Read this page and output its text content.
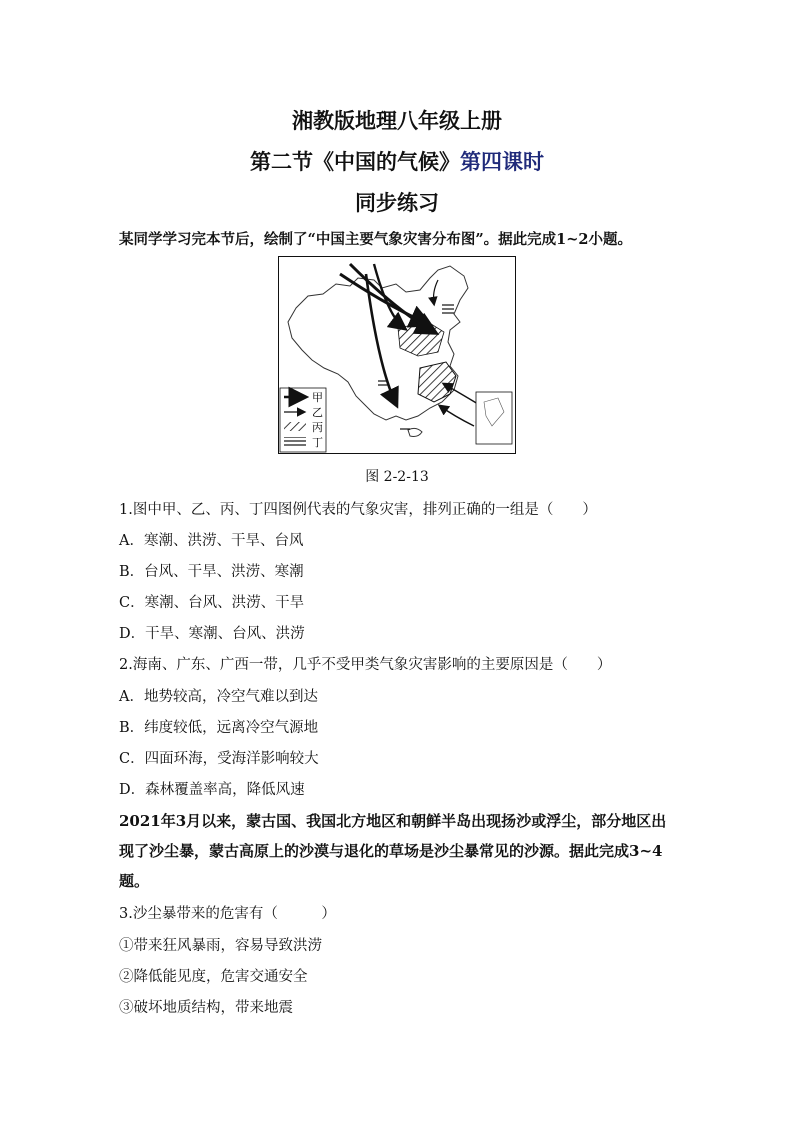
湘教版地理八年级上册
第二节《中国的气候》第四课时
同步练习
某同学学习完本节后，绘制了“中国主要气象灾害分布图”。据此完成1~2小题。
甲
乙
丙
丁
图 2-2-13
1.图中甲、乙、丙、丁四图例代表的气象灾害，排列正确的一组是（　　）
A．寒潮、洪涝、干旱、台风
B．台风、干旱、洪涝、寒潮
C．寒潮、台风、洪涝、干旱
D．干旱、寒潮、台风、洪涝
2.海南、广东、广西一带，几乎不受甲类气象灾害影响的主要原因是（　　）
A．地势较高，冷空气难以到达
B．纬度较低，远离冷空气源地
C．四面环海，受海洋影响较大
D．森林覆盖率高，降低风速
2021年3月以来，蒙古国、我国北方地区和朝鲜半岛出现扬沙或浮尘，部分地区出现了沙尘暴，蒙古高原上的沙漠与退化的草场是沙尘暴常见的沙源。据此完成3~4题。
3.沙尘暴带来的危害有（　　　）
①带来狂风暴雨，容易导致洪涝
②降低能见度，危害交通安全
③破坏地质结构，带来地震
